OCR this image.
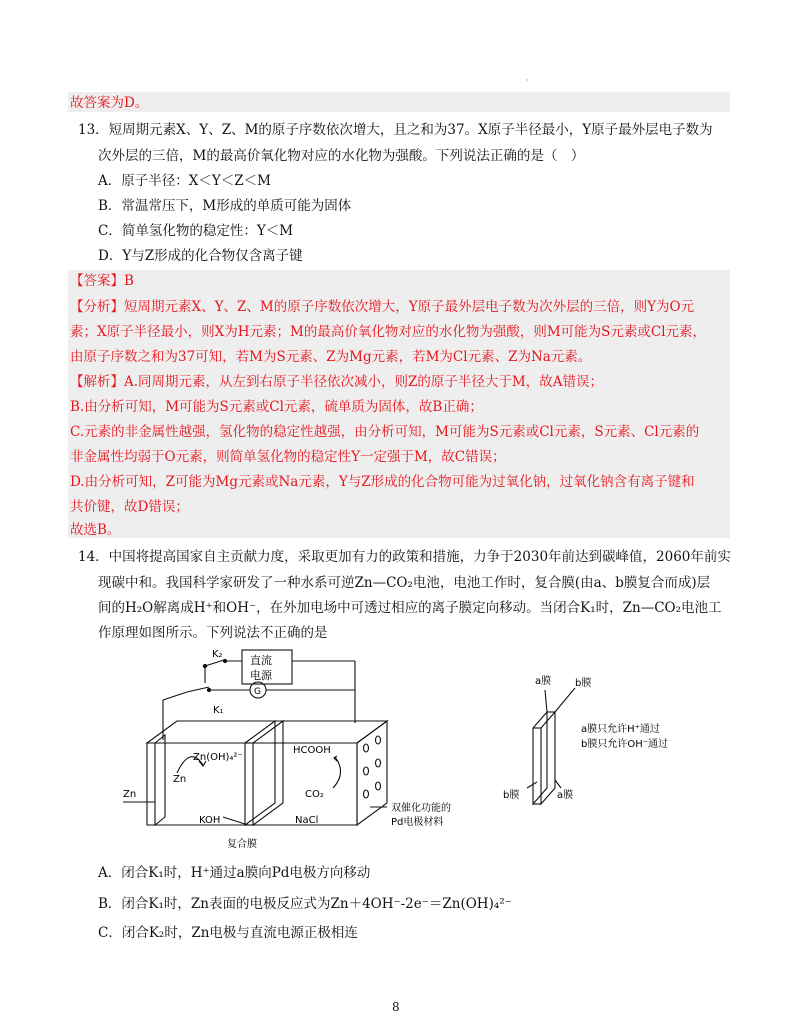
·
故答案为D。
13．短周期元素X、Y、Z、M的原子序数依次增大，且之和为37。X原子半径最小，Y原子最外层电子数为
次外层的三倍，M的最高价氧化物对应的水化物为强酸。下列说法正确的是（　）
A．原子半径：X＜Y＜Z＜M
B．常温常压下，M形成的单质可能为固体
C．简单氢化物的稳定性：Y＜M
D．Y与Z形成的化合物仅含离子键
【答案】B
【分析】短周期元素X、Y、Z、M的原子序数依次增大，Y原子最外层电子数为次外层的三倍，则Y为O元
素；X原子半径最小，则X为H元素；M的最高价氧化物对应的水化物为强酸，则M可能为S元素或Cl元素，
由原子序数之和为37可知，若M为S元素、Z为Mg元素，若M为Cl元素、Z为Na元素。
【解析】A.同周期元素，从左到右原子半径依次减小，则Z的原子半径大于M，故A错误；
B.由分析可知，M可能为S元素或Cl元素，硫单质为固体，故B正确；
C.元素的非金属性越强，氢化物的稳定性越强，由分析可知，M可能为S元素或Cl元素，S元素、Cl元素的
非金属性均弱于O元素，则简单氢化物的稳定性Y一定强于M，故C错误；
D.由分析可知，Z可能为Mg元素或Na元素，Y与Z形成的化合物可能为过氧化钠，过氧化钠含有离子键和
共价键，故D错误；
故选B。
14．中国将提高国家自主贡献力度，采取更加有力的政策和措施，力争于2030年前达到碳峰值，2060年前实
现碳中和。我国科学家研发了一种水系可逆Zn—CO₂电池，电池工作时，复合膜(由a、b膜复合而成)层
间的H₂O解离成H⁺和OH⁻，在外加电场中可透过相应的离子膜定向移动。当闭合K₁时，Zn—CO₂电池工
作原理如图所示。下列说法不正确的是
K₂
K₁
直流
电源
G
Zn
Zn
Zn(OH)₄²⁻
HCOOH
CO₂
KOH	NaCl
复合膜
双催化功能的
Pd电极材料
a膜 b膜
a膜只允许H⁺通过
b膜只允许OH⁻通过
b膜	a膜
A．闭合K₁时，H⁺通过a膜向Pd电极方向移动
B．闭合K₁时，Zn表面的电极反应式为Zn＋4OH⁻-2e⁻＝Zn(OH)₄²⁻
C．闭合K₂时，Zn电极与直流电源正极相连
8
